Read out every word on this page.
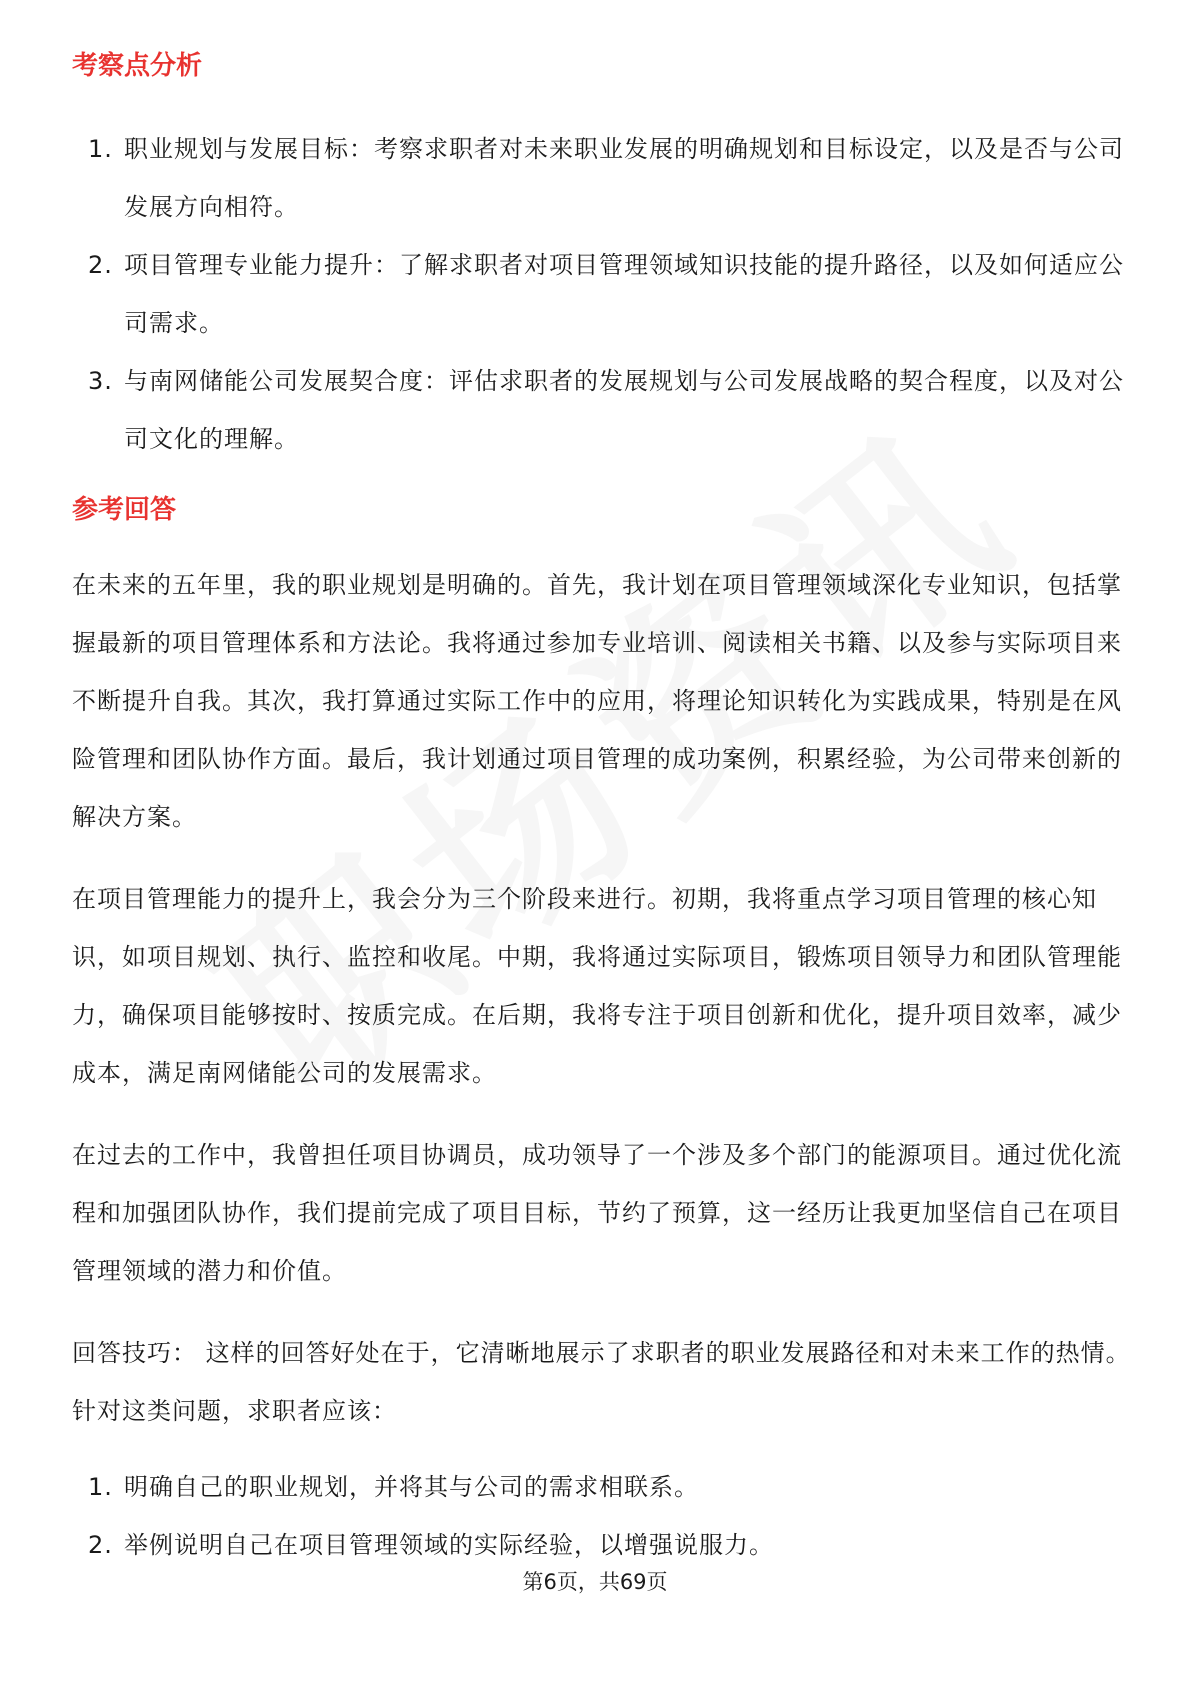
考察点分析
1. 职业规划与发展目标：考察求职者对未来职业发展的明确规划和目标设定，以及是否与公司发展方向相符。
2. 项目管理专业能力提升：了解求职者对项目管理领域知识技能的提升路径，以及如何适应公司需求。
3. 与南网储能公司发展契合度：评估求职者的发展规划与公司发展战略的契合程度，以及对公司文化的理解。
参考回答

在未来的五年里，我的职业规划是明确的。首先，我计划在项目管理领域深化专业知识，包括掌握最新的项目管理体系和方法论。我将通过参加专业培训、阅读相关书籍、以及参与实际项目来不断提升自我。其次，我打算通过实际工作中的应用，将理论知识转化为实践成果，特别是在风险管理和团队协作方面。最后，我计划通过项目管理的成功案例，积累经验，为公司带来创新的解决方案。

在项目管理能力的提升上，我会分为三个阶段来进行。初期，我将重点学习项目管理的核心知识，如项目规划、执行、监控和收尾。中期，我将通过实际项目，锻炼项目领导力和团队管理能力，确保项目能够按时、按质完成。在后期，我将专注于项目创新和优化，提升项目效率，减少成本，满足南网储能公司的发展需求。

在过去的工作中，我曾担任项目协调员，成功领导了一个涉及多个部门的能源项目。通过优化流程和加强团队协作，我们提前完成了项目目标，节约了预算，这一经历让我更加坚信自己在项目管理领域的潜力和价值。

回答技巧： 这样的回答好处在于，它清晰地展示了求职者的职业发展路径和对未来工作的热情。针对这类问题，求职者应该：

1. 明确自己的职业规划，并将其与公司的需求相联系。
2. 举例说明自己在项目管理领域的实际经验，以增强说服力。
第6页，共69页
